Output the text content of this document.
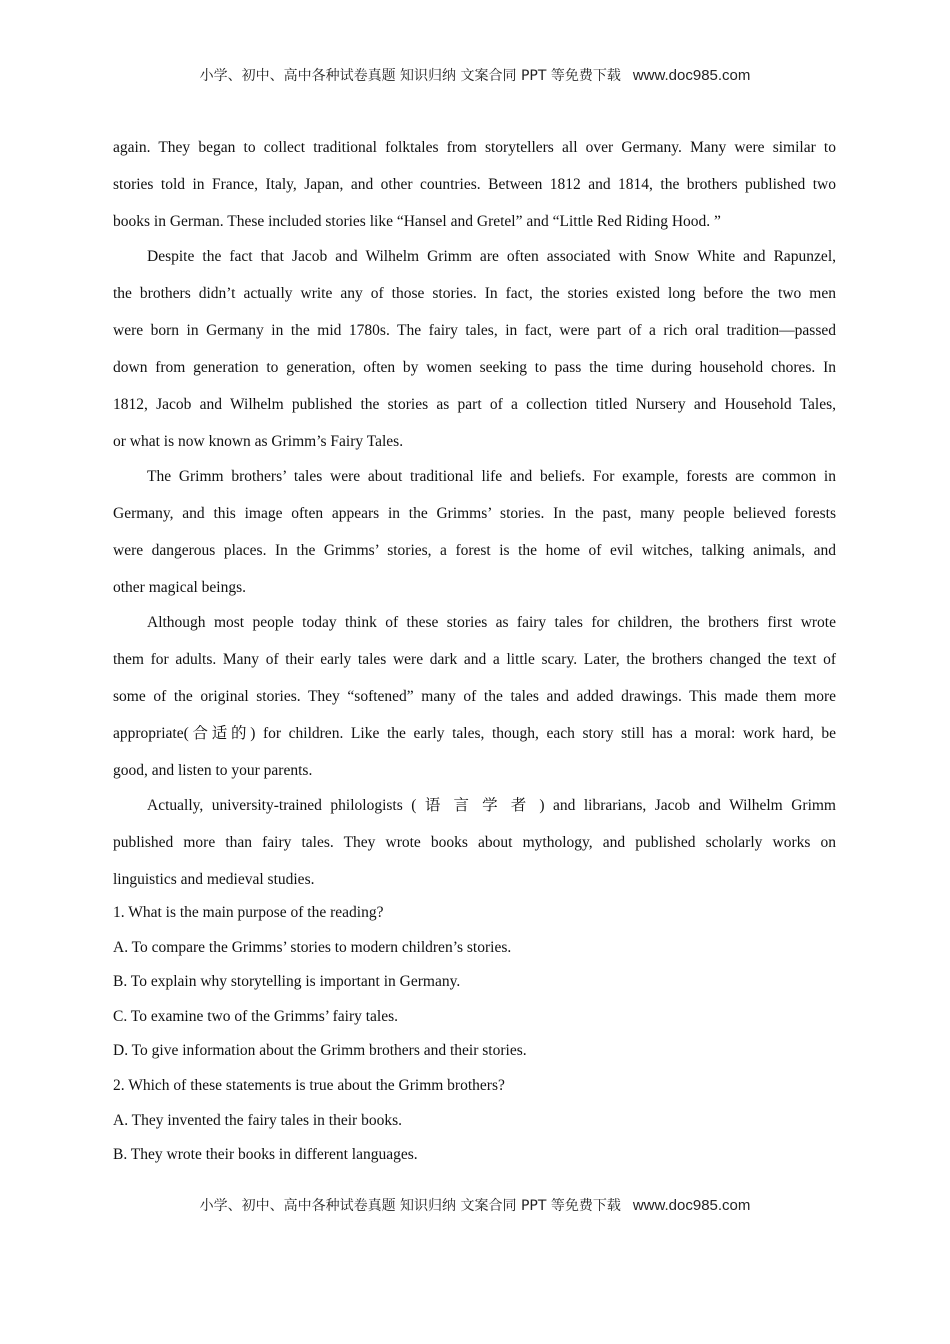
小学、初中、高中各种试卷真题 知识归纳 文案合同 PPT 等免费下载 www.doc985.com
again. They began to collect traditional folktales from storytellers all over Germany. Many were similar to
stories told in France, Italy, Japan, and other countries. Between 1812 and 1814, the brothers published two
books in German. These included stories like “Hansel and Gretel” and “Little Red Riding Hood. ”
Despite the fact that Jacob and Wilhelm Grimm are often associated with Snow White and Rapunzel,
the brothers didn’t actually write any of those stories. In fact, the stories existed long before the two men
were born in Germany in the mid 1780s. The fairy tales, in fact, were part of a rich oral tradition—passed
down from generation to generation, often by women seeking to pass the time during household chores. In
1812, Jacob and Wilhelm published the stories as part of a collection titled Nursery and Household Tales,
or what is now known as Grimm’s Fairy Tales.
The Grimm brothers’ tales were about traditional life and beliefs. For example, forests are common in
Germany, and this image often appears in the Grimms’ stories. In the past, many people believed forests
were dangerous places. In the Grimms’ stories, a forest is the home of evil witches, talking animals, and
other magical beings.
Although most people today think of these stories as fairy tales for children, the brothers first wrote
them for adults. Many of their early tales were dark and a little scary. Later, the brothers changed the text of
some of the original stories. They “softened” many of the tales and added drawings. This made them more
appropriate(合适的) for children. Like the early tales, though, each story still has a moral: work hard, be
good, and listen to your parents.
Actually, university-trained philologists ( 语 言 学 者 ) and librarians, Jacob and Wilhelm Grimm
published more than fairy tales. They wrote books about mythology, and published scholarly works on
linguistics and medieval studies.
1. What is the main purpose of the reading?
A. To compare the Grimms’ stories to modern children’s stories.
B. To explain why storytelling is important in Germany.
C. To examine two of the Grimms’ fairy tales.
D. To give information about the Grimm brothers and their stories.
2. Which of these statements is true about the Grimm brothers?
A. They invented the fairy tales in their books.
B. They wrote their books in different languages.
小学、初中、高中各种试卷真题 知识归纳 文案合同 PPT 等免费下载 www.doc985.com
